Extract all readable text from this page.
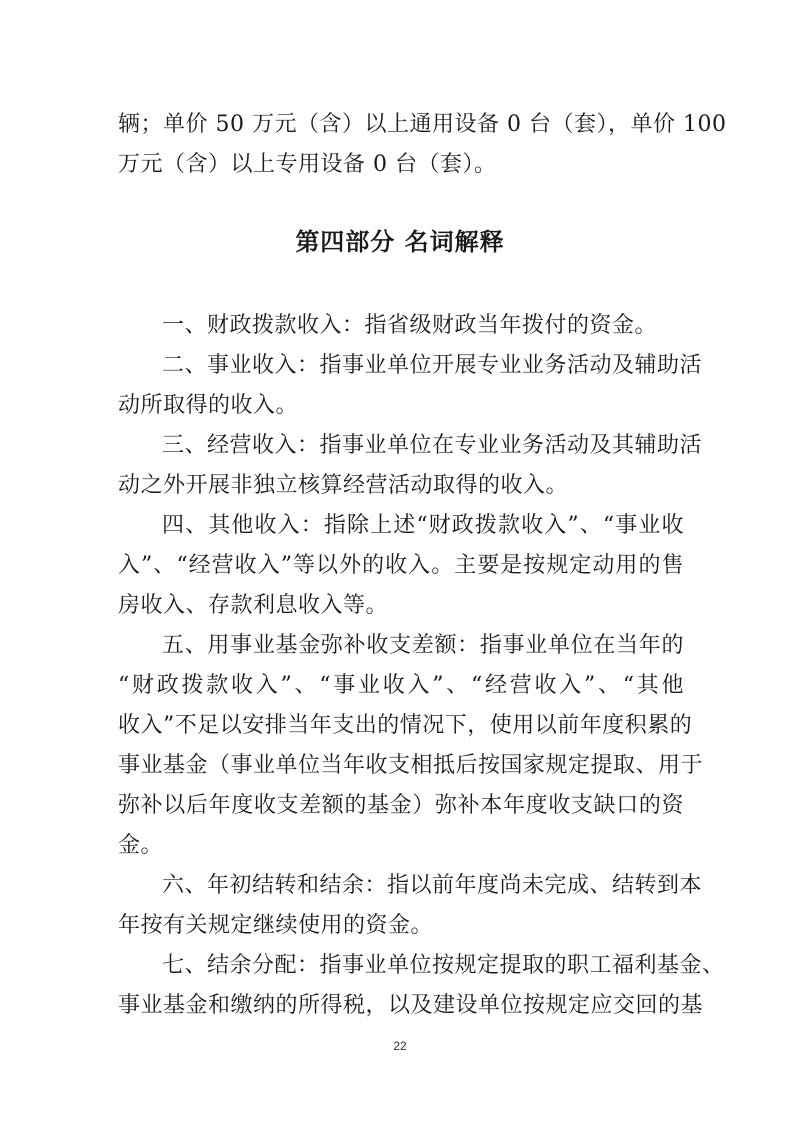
辆；单价 50 万元（含）以上通用设备 0 台（套），单价 100
万元（含）以上专用设备 0 台（套）。
第四部分 名词解释
一、财政拨款收入：指省级财政当年拨付的资金。
二、事业收入：指事业单位开展专业业务活动及辅助活
动所取得的收入。
三、经营收入：指事业单位在专业业务活动及其辅助活
动之外开展非独立核算经营活动取得的收入。
四、其他收入：指除上述“财政拨款收入”、“事业收
入”、“经营收入”等以外的收入。主要是按规定动用的售
房收入、存款利息收入等。
五、用事业基金弥补收支差额：指事业单位在当年的
“财政拨款收入”、“事业收入”、“经营收入”、“其他
收入”不足以安排当年支出的情况下，使用以前年度积累的
事业基金（事业单位当年收支相抵后按国家规定提取、用于
弥补以后年度收支差额的基金）弥补本年度收支缺口的资
金。
六、年初结转和结余：指以前年度尚未完成、结转到本
年按有关规定继续使用的资金。
七、结余分配：指事业单位按规定提取的职工福利基金、
事业基金和缴纳的所得税，以及建设单位按规定应交回的基
22
